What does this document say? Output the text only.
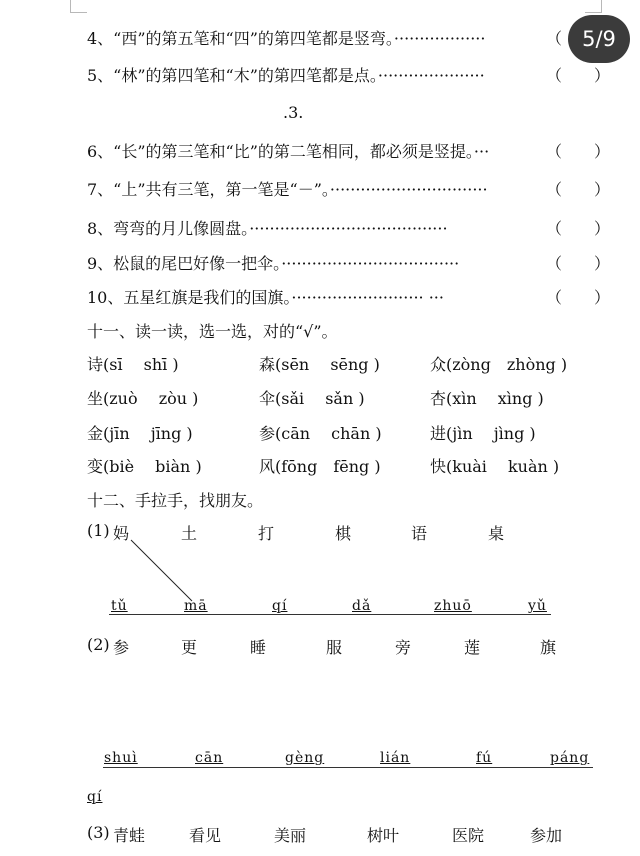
5/9
4、“西”的第五笔和“四”的第四笔都是竖弯。··················	（
5、“林”的第四笔和“木”的第四笔都是点。·····················	（　　）
.3.
6、“长”的第三笔和“比”的第二笔相同，都必须是竖提。···	（　　）
7、“上”共有三笔，第一笔是“－”。·······························	（　　）
8、弯弯的月儿像圆盘。·······································	（　　）
9、松鼠的尾巴好像一把伞。···································	（　　）
10、五星红旗是我们的国旗。·························· ···	（　　）
十一、读一读，选一选，对的“√”。
诗(sī　 shī )	森(sēn　 sēng )	众(zòng　zhòng )
坐(zuò　 zòu )	伞(sǎi　 sǎn )	杏(xìn　 xìng )
金(jīn　 jīng )	参(cān　 chān )	进(jìn　 jìng )
变(biè　 biàn )	风(fōng　fēng )	快(kuài　 kuàn )
十二、手拉手，找朋友。
(1) 妈	土	打	棋	语	桌
tǔ	mā	qí	dǎ	zhuō	yǔ
(2) 参	更	睡	服	旁	莲	旗
shuì	cān	gèng	lián	fú	páng
qí
(3) 青蛙	看见	美丽	树叶	医院	参加
